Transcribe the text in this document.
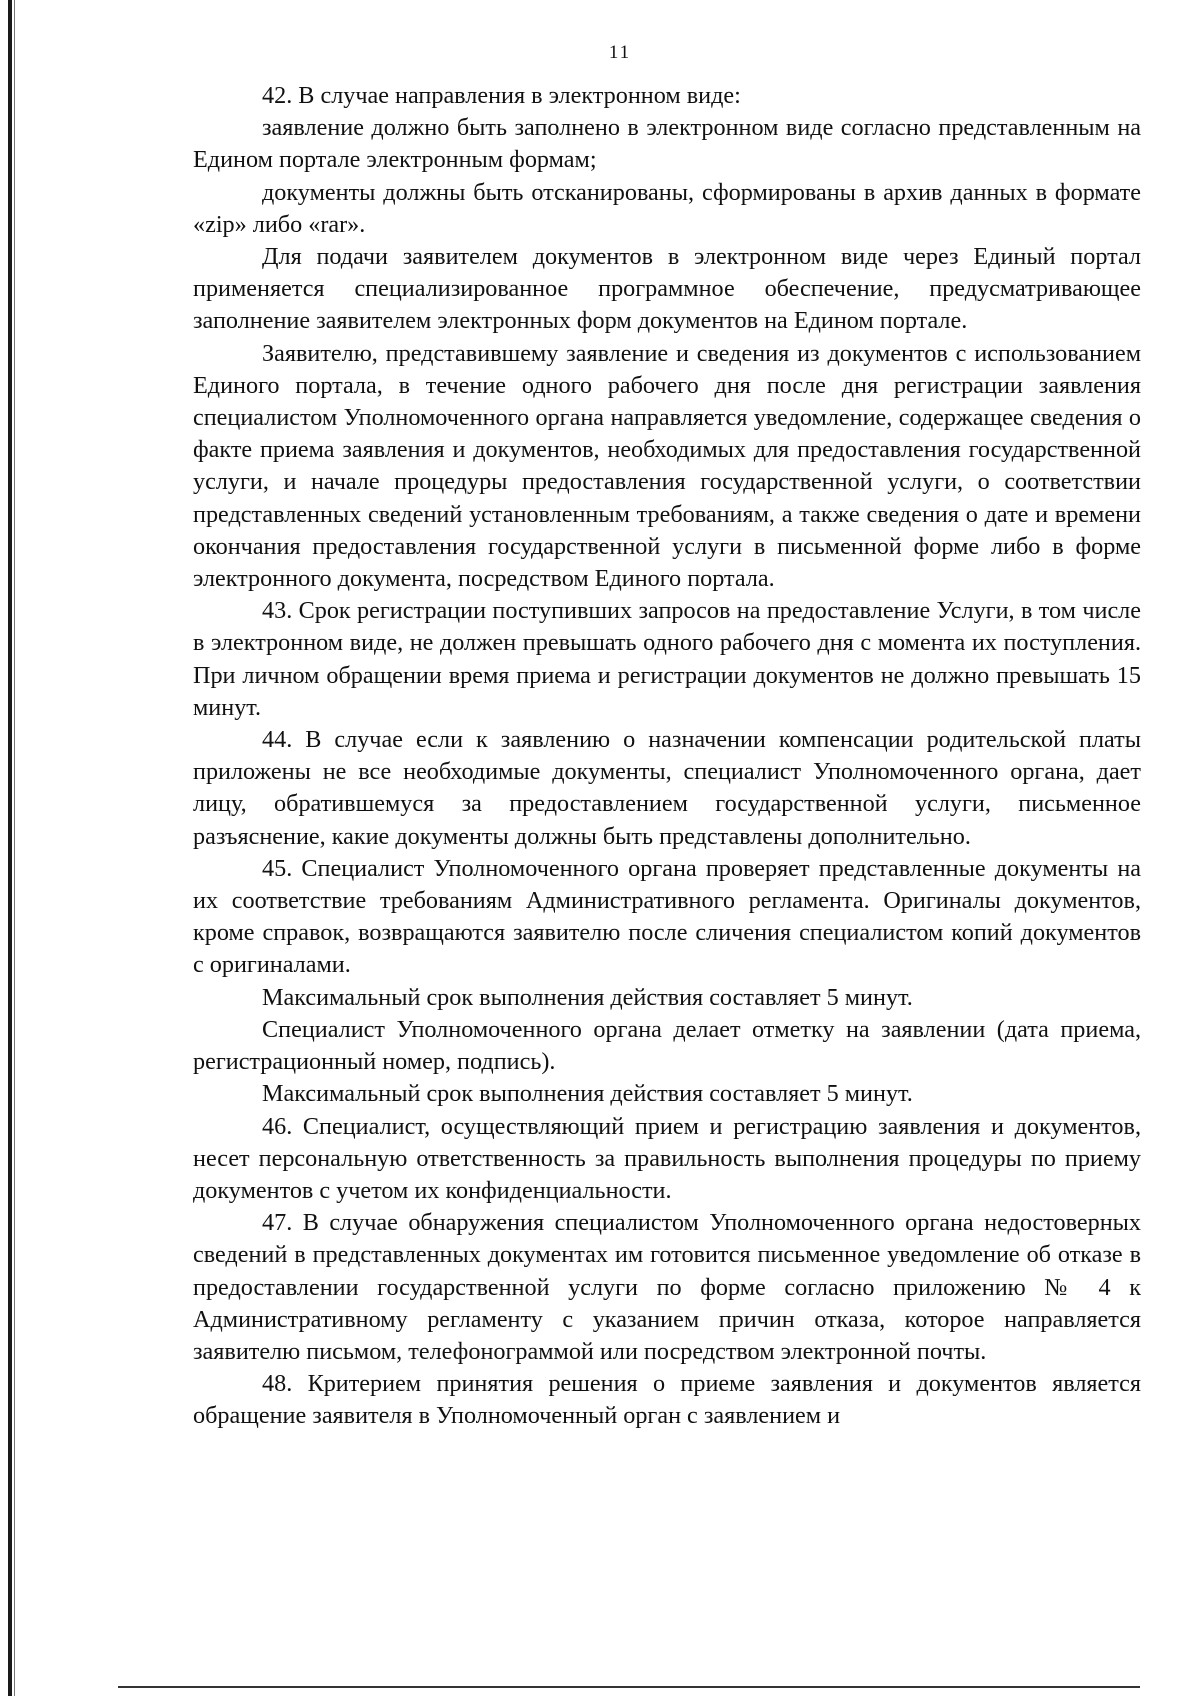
11

42. В случае направления в электронном виде:

заявление должно быть заполнено в электронном виде согласно представленным на Едином портале электронным формам;

документы должны быть отсканированы, сформированы в архив данных в формате «zip» либо «rar».

Для подачи заявителем документов в электронном виде через Единый портал применяется специализированное программное обеспечение, предусматривающее заполнение заявителем электронных форм документов на Едином портале.

Заявителю, представившему заявление и сведения из документов с использованием Единого портала, в течение одного рабочего дня после дня регистрации заявления специалистом Уполномоченного органа направляется уведомление, содержащее сведения о факте приема заявления и документов, необходимых для предоставления государственной услуги, и начале процедуры предоставления государственной услуги, о соответствии представленных сведений установленным требованиям, а также сведения о дате и времени окончания предоставления государственной услуги в письменной форме либо в форме электронного документа, посредством Единого портала.

43. Срок регистрации поступивших запросов на предоставление Услуги, в том числе в электронном виде, не должен превышать одного рабочего дня с момента их поступления. При личном обращении время приема и регистрации документов не должно превышать 15 минут.

44. В случае если к заявлению о назначении компенсации родительской платы приложены не все необходимые документы, специалист Уполномоченного органа, дает лицу, обратившемуся за предоставлением государственной услуги, письменное разъяснение, какие документы должны быть представлены дополнительно.

45. Специалист Уполномоченного органа проверяет представленные документы на их соответствие требованиям Административного регламента. Оригиналы документов, кроме справок, возвращаются заявителю после сличения специалистом копий документов с оригиналами.

Максимальный срок выполнения действия составляет 5 минут.

Специалист Уполномоченного органа делает отметку на заявлении (дата приема, регистрационный номер, подпись).

Максимальный срок выполнения действия составляет 5 минут.

46. Специалист, осуществляющий прием и регистрацию заявления и документов, несет персональную ответственность за правильность выполнения процедуры по приему документов с учетом их конфиденциальности.

47. В случае обнаружения специалистом Уполномоченного органа недостоверных сведений в представленных документах им готовится письменное уведомление об отказе в предоставлении государственной услуги по форме согласно приложению № 4 к Административному регламенту с указанием причин отказа, которое направляется заявителю письмом, телефонограммой или посредством электронной почты.

48. Критерием принятия решения о приеме заявления и документов является обращение заявителя в Уполномоченный орган с заявлением и
